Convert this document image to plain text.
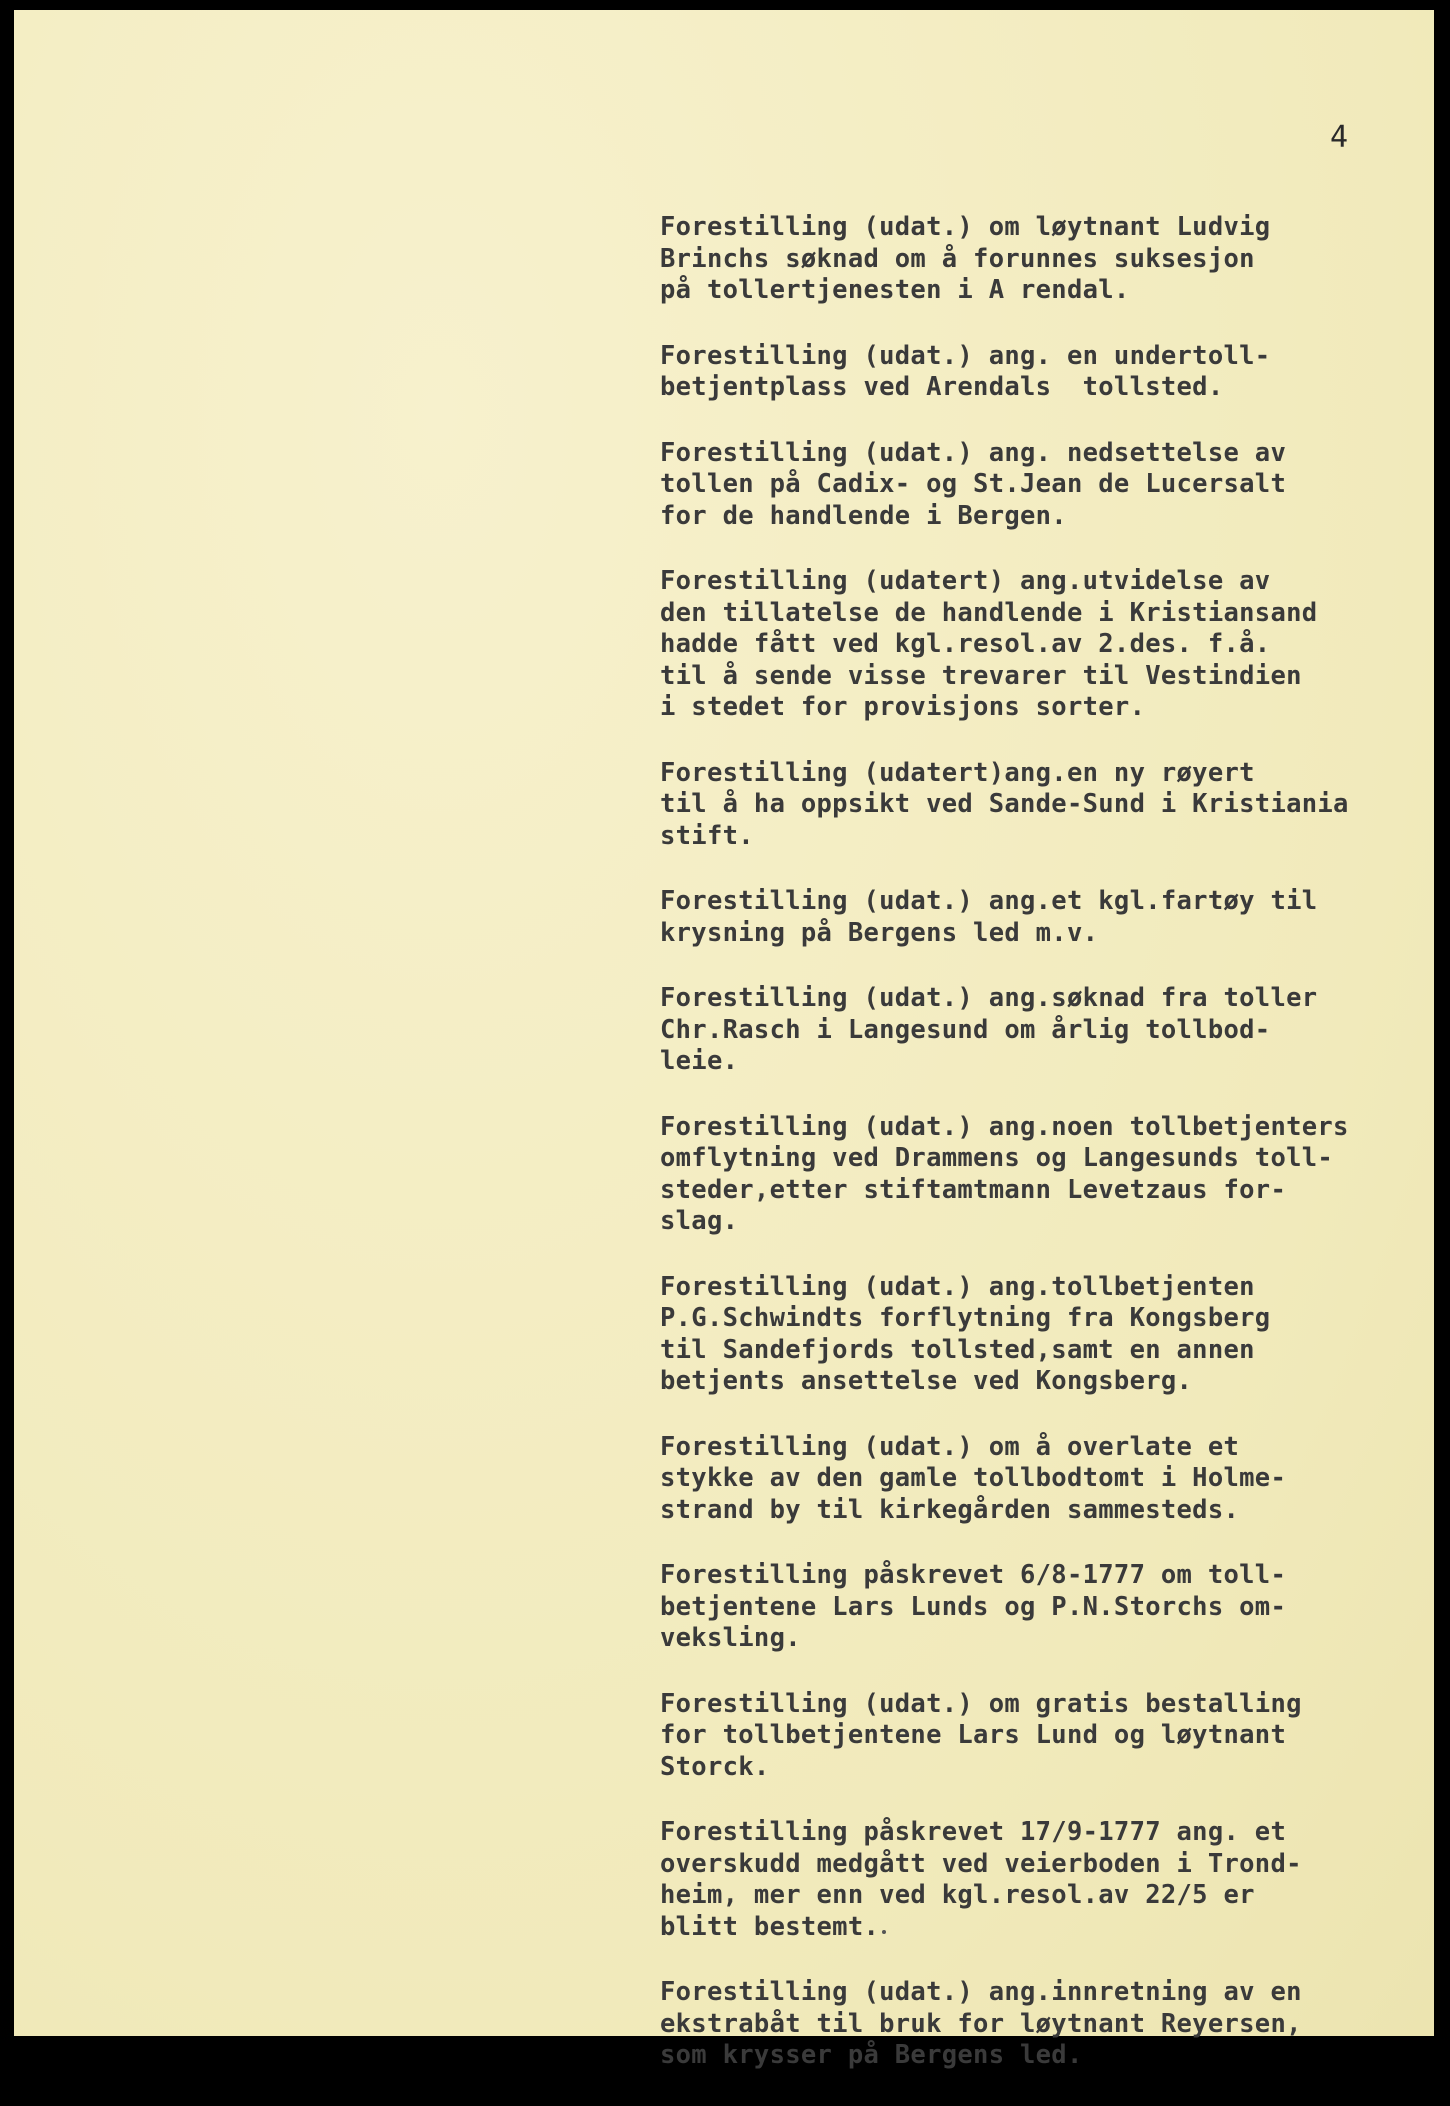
4
Forestilling (udat.) om løytnant Ludvig
Brinchs søknad om å forunnes suksesjon
på tollertjenesten i A rendal.
Forestilling (udat.) ang. en undertoll-
betjentplass ved Arendals  tollsted.
Forestilling (udat.) ang. nedsettelse av
tollen på Cadix- og St.Jean de Lucersalt
for de handlende i Bergen.
Forestilling (udatert) ang.utvidelse av
den tillatelse de handlende i Kristiansand
hadde fått ved kgl.resol.av 2.des. f.å.
til å sende visse trevarer til Vestindien
i stedet for provisjons sorter.
Forestilling (udatert)ang.en ny røyert
til å ha oppsikt ved Sande-Sund i Kristiania
stift.
Forestilling (udat.) ang.et kgl.fartøy til
krysning på Bergens led m.v.
Forestilling (udat.) ang.søknad fra toller
Chr.Rasch i Langesund om årlig tollbod-
leie.
Forestilling (udat.) ang.noen tollbetjenters
omflytning ved Drammens og Langesunds toll-
steder,etter stiftamtmann Levetzaus for-
slag.
Forestilling (udat.) ang.tollbetjenten
P.G.Schwindts forflytning fra Kongsberg
til Sandefjords tollsted,samt en annen
betjents ansettelse ved Kongsberg.
Forestilling (udat.) om å overlate et
stykke av den gamle tollbodtomt i Holme-
strand by til kirkegården sammesteds.
Forestilling påskrevet 6/8-1777 om toll-
betjentene Lars Lunds og P.N.Storchs om-
veksling.
Forestilling (udat.) om gratis bestalling
for tollbetjentene Lars Lund og løytnant
Storck.
Forestilling påskrevet 17/9-1777 ang. et
overskudd medgått ved veierboden i Trond-
heim, mer enn ved kgl.resol.av 22/5 er
blitt bestemt.
Forestilling (udat.) ang.innretning av en
ekstrabåt til bruk for løytnant Reyersen,
som krysser på Bergens led.
